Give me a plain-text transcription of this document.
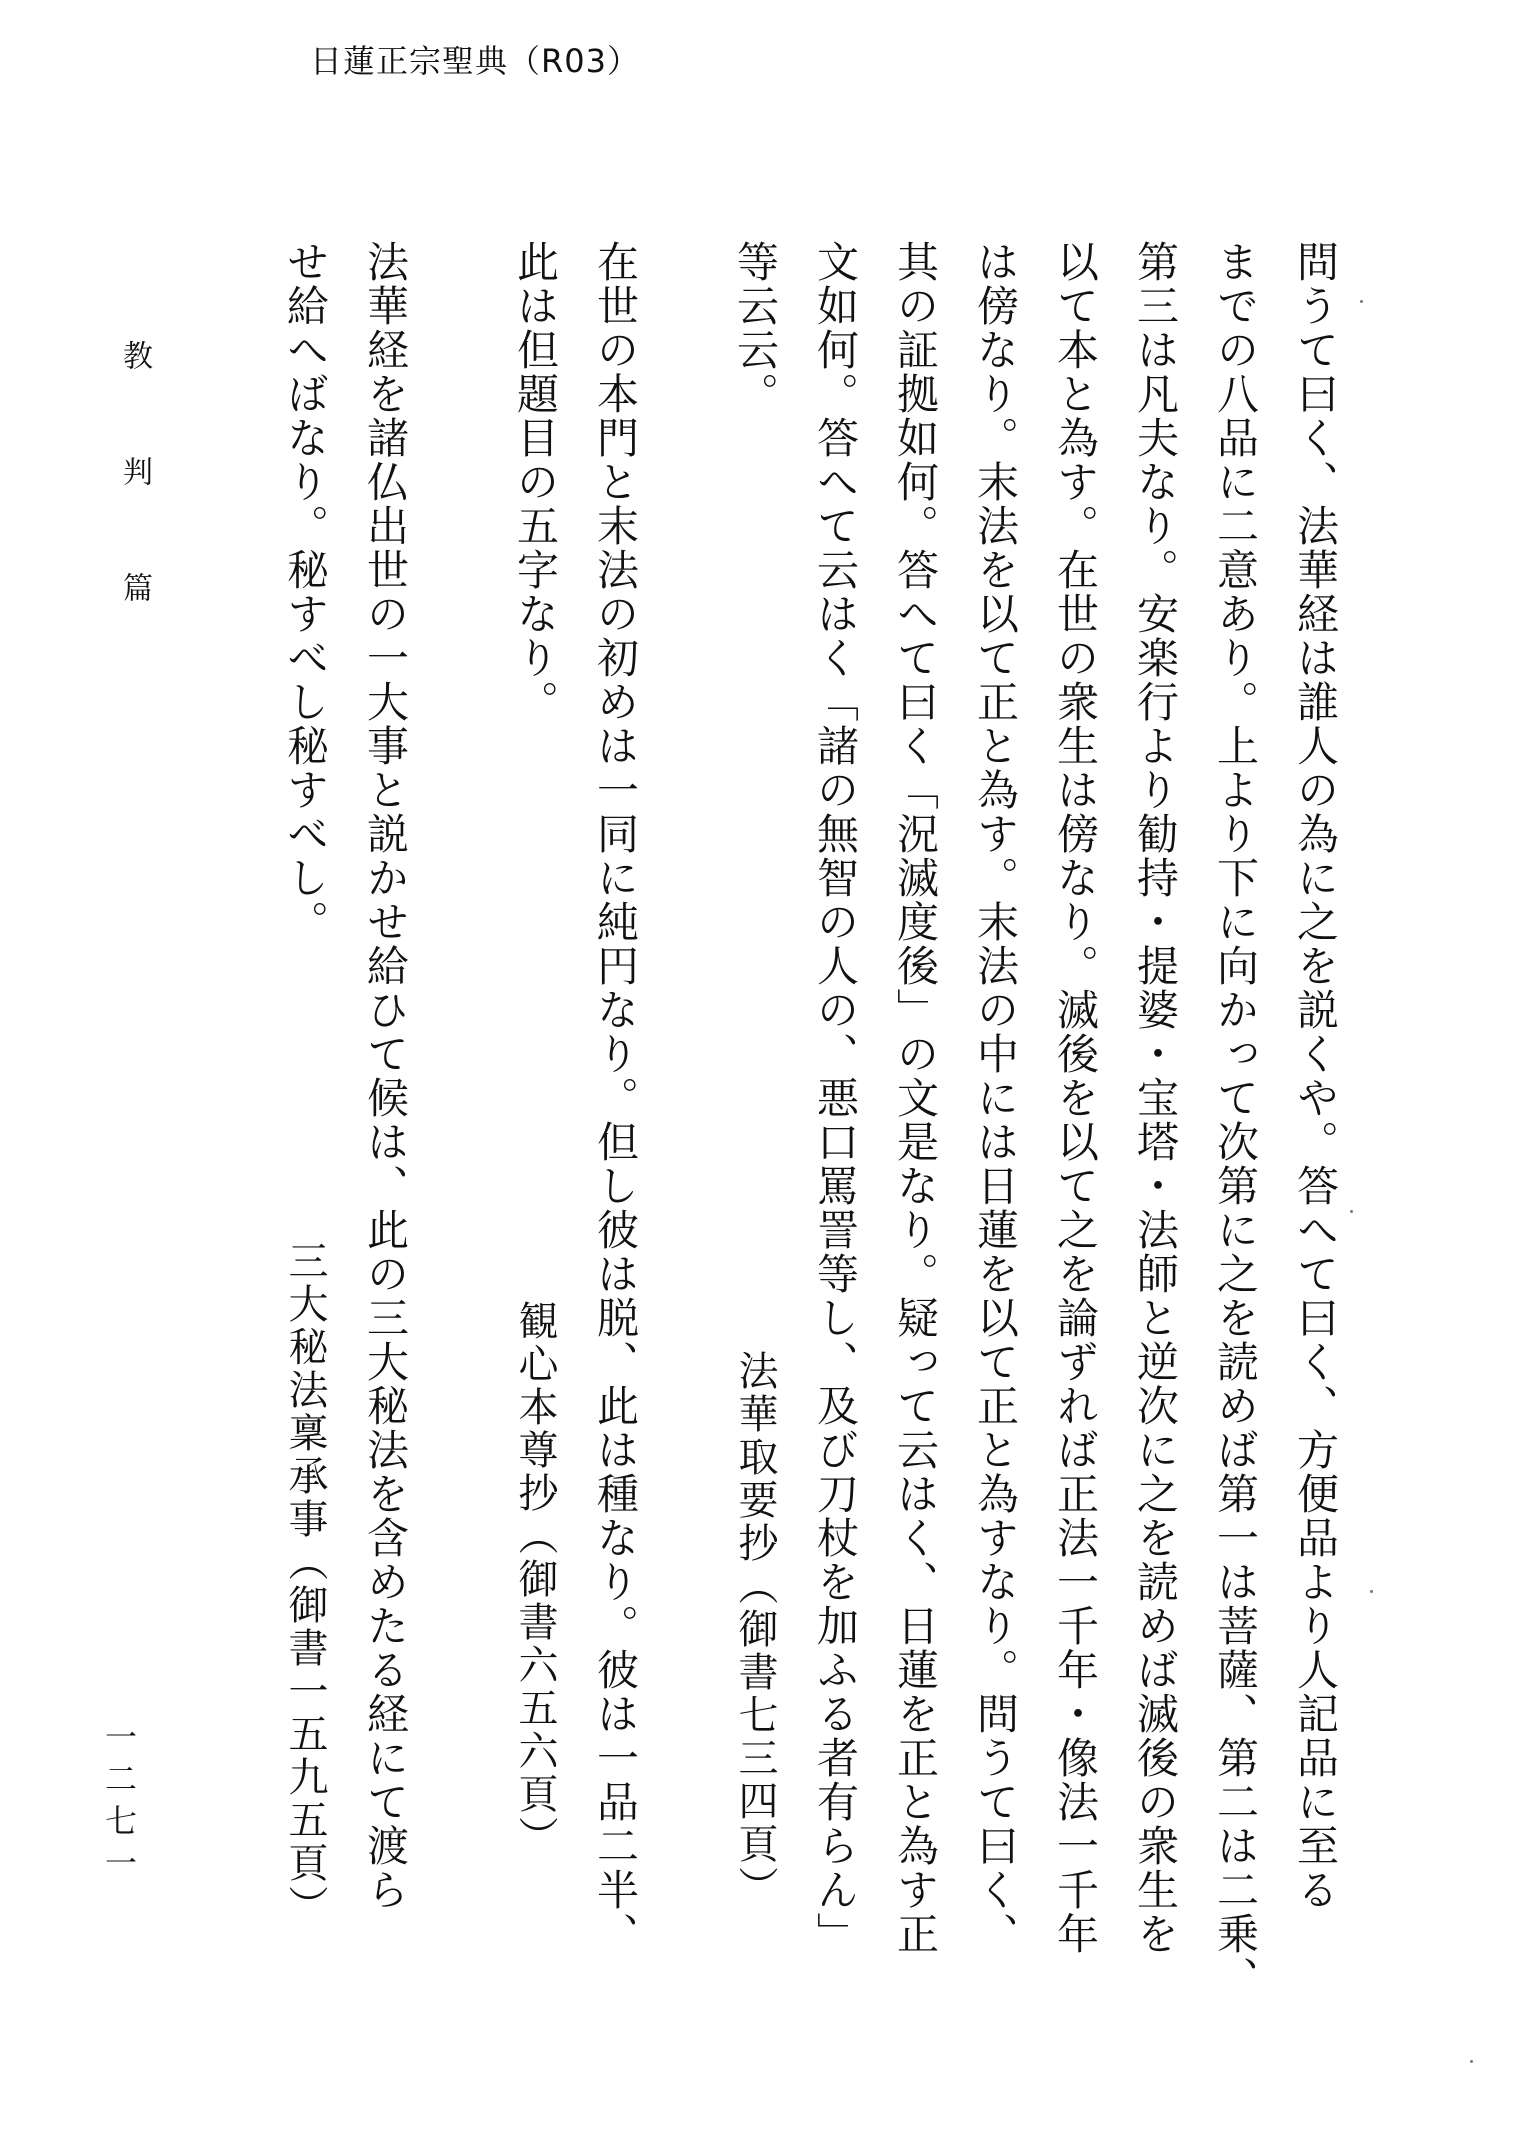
日蓮正宗聖典（R03）
問うて曰く、法華経は誰人の為に之を説くや。答へて曰く、方便品より人記品に至る
までの八品に二意あり。上より下に向かって次第に之を読めば第一は菩薩、第二は二乗、
第三は凡夫なり。安楽行より勧持・提婆・宝塔・法師と逆次に之を読めば滅後の衆生を
以て本と為す。在世の衆生は傍なり。滅後を以て之を論ずれば正法一千年・像法一千年
は傍なり。末法を以て正と為す。末法の中には日蓮を以て正と為すなり。問うて曰く、
其の証拠如何。答へて曰く「況滅度後」の文是なり。疑って云はく、日蓮を正と為す正
文如何。答へて云はく「諸の無智の人の、悪口罵詈等し、及び刀杖を加ふる者有らん」
等云云。
法華取要抄（御書七三四頁）
在世の本門と末法の初めは一同に純円なり。但し彼は脱、此は種なり。彼は一品二半、
此は但題目の五字なり。
観心本尊抄（御書六五六頁）
法華経を諸仏出世の一大事と説かせ給ひて候は、此の三大秘法を含めたる経にて渡ら
せ給へばなり。秘すべし秘すべし。
三大秘法稟承事（御書一五九五頁）
教　判　篇
一二七一
